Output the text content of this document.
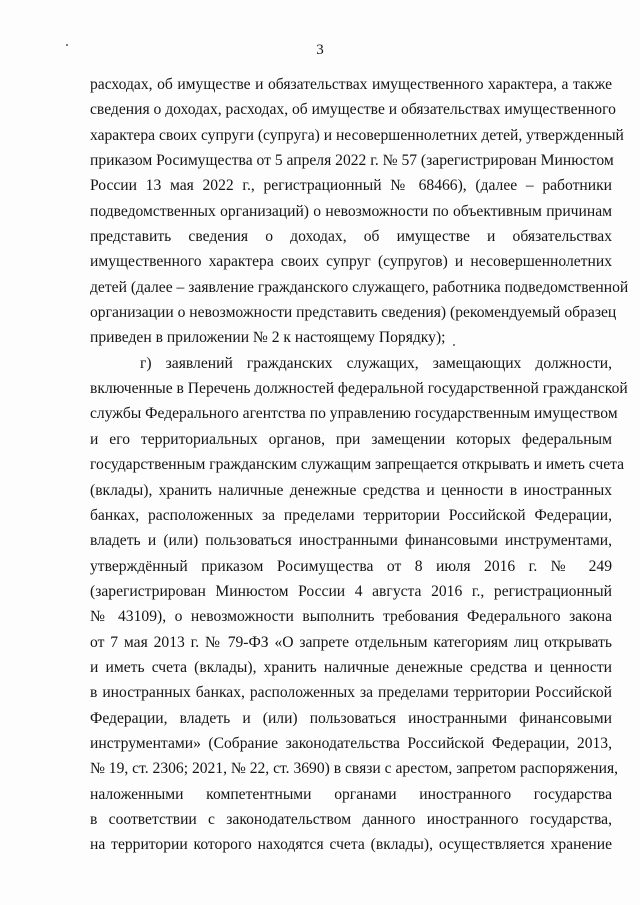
3

расходах, об имуществе и обязательствах имущественного характера, а также
сведения о доходах, расходах, об имуществе и обязательствах имущественного
характера своих супруги (супруга) и несовершеннолетних детей, утвержденный
приказом Росимущества от 5 апреля 2022 г. № 57 (зарегистрирован Минюстом
России 13 мая 2022 г., регистрационный № 68466), (далее – работники
подведомственных организаций) о невозможности по объективным причинам
представить сведения о доходах, об имуществе и обязательствах
имущественного характера своих супруг (супругов) и несовершеннолетних
детей (далее – заявление гражданского служащего, работника подведомственной
организации о невозможности представить сведения) (рекомендуемый образец
приведен в приложении № 2 к настоящему Порядку);

г) заявлений гражданских служащих, замещающих должности,
включенные в Перечень должностей федеральной государственной гражданской
службы Федерального агентства по управлению государственным имуществом
и его территориальных органов, при замещении которых федеральным
государственным гражданским служащим запрещается открывать и иметь счета
(вклады), хранить наличные денежные средства и ценности в иностранных
банках, расположенных за пределами территории Российской Федерации,
владеть и (или) пользоваться иностранными финансовыми инструментами,
утверждённый приказом Росимущества от 8 июля 2016 г. № 249
(зарегистрирован Минюстом России 4 августа 2016 г., регистрационный
№ 43109), о невозможности выполнить требования Федерального закона
от 7 мая 2013 г. № 79-ФЗ «О запрете отдельным категориям лиц открывать
и иметь счета (вклады), хранить наличные денежные средства и ценности
в иностранных банках, расположенных за пределами территории Российской
Федерации, владеть и (или) пользоваться иностранными финансовыми
инструментами» (Собрание законодательства Российской Федерации, 2013,
№ 19, ст. 2306; 2021, № 22, ст. 3690) в связи с арестом, запретом распоряжения,
наложенными компетентными органами иностранного государства
в соответствии с законодательством данного иностранного государства,
на территории которого находятся счета (вклады), осуществляется хранение
